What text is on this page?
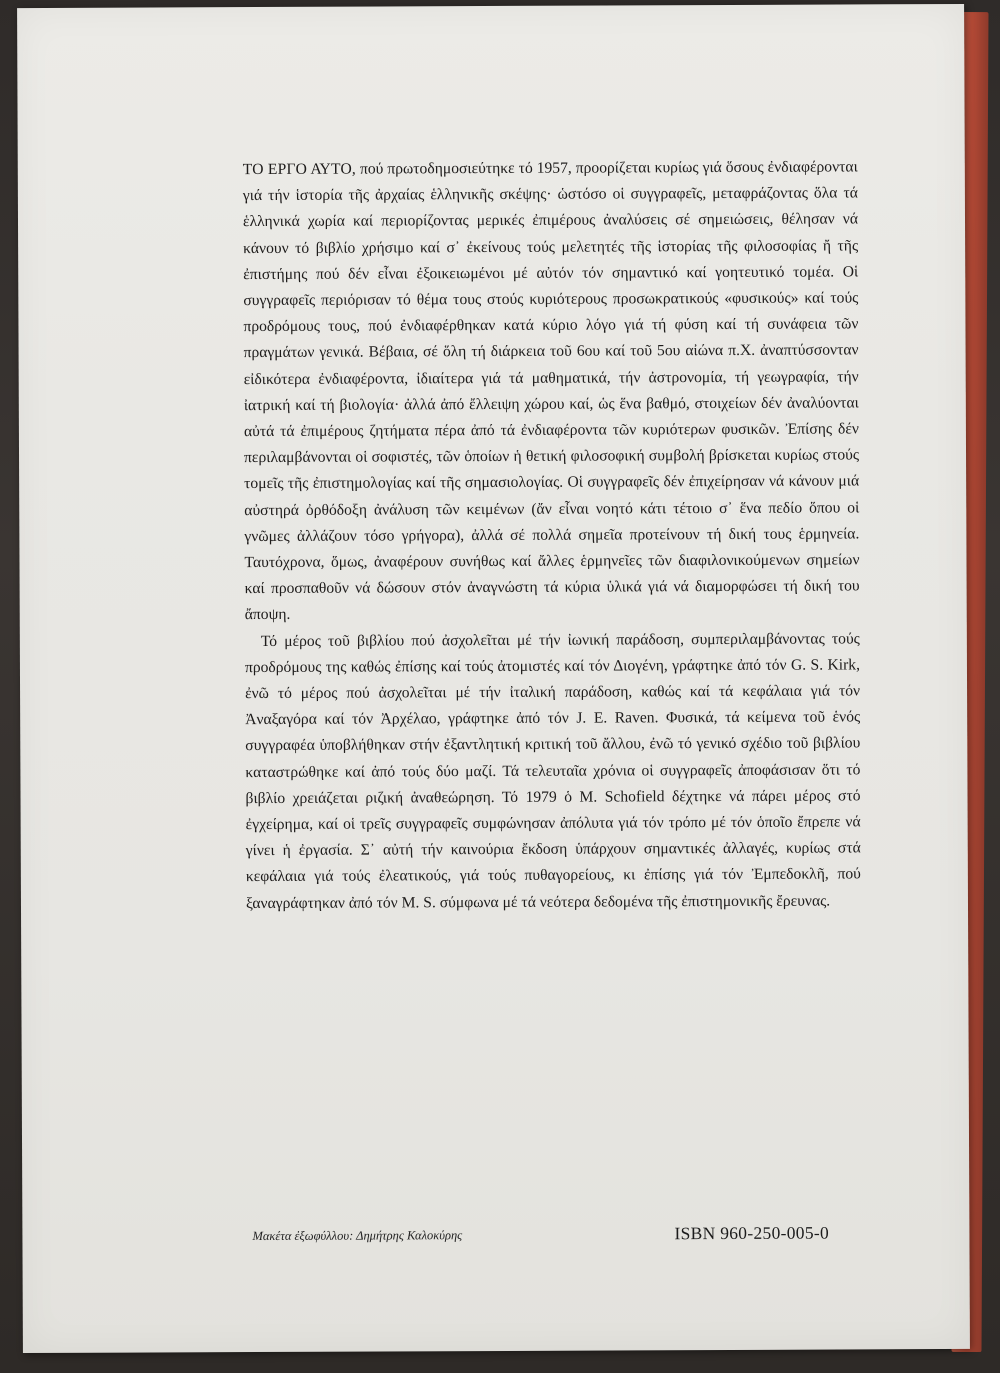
ΤΟ ΕΡΓΟ ΑΥΤΟ, πού πρωτοδημοσιεύτηκε τό 1957, προορίζεται κυρίως γιά ὅσους ἐνδιαφέρονται γιά τήν ἱστορία τῆς ἀρχαίας ἑλληνικῆς σκέψης· ὡστόσο οἱ συγγραφεῖς, μεταφράζοντας ὅλα τά ἑλληνικά χωρία καί περιορίζοντας μερικές ἐπιμέρους ἀναλύσεις σέ σημειώσεις, θέλησαν νά κάνουν τό βιβλίο χρήσιμο καί σ᾽ ἐκείνους τούς μελετητές τῆς ἱστορίας τῆς φιλοσοφίας ἤ τῆς ἐπιστήμης πού δέν εἶναι ἐξοικειωμένοι μέ αὐτόν τόν σημαντικό καί γοητευτικό τομέα. Οἱ συγγραφεῖς περιόρισαν τό θέμα τους στούς κυριότερους προσωκρατικούς «φυσικούς» καί τούς προδρόμους τους, πού ἐνδιαφέρθηκαν κατά κύριο λόγο γιά τή φύση καί τή συνάφεια τῶν πραγμάτων γενικά. Βέβαια, σέ ὅλη τή διάρκεια τοῦ 6ου καί τοῦ 5ου αἰώνα π.Χ. ἀναπτύσσονταν εἰδικότερα ἐνδιαφέροντα, ἰδιαίτερα γιά τά μαθηματικά, τήν ἀστρονομία, τή γεωγραφία, τήν ἰατρική καί τή βιολογία· ἀλλά ἀπό ἔλλειψη χώρου καί, ὡς ἕνα βαθμό, στοιχείων δέν ἀναλύονται αὐτά τά ἐπιμέρους ζητήματα πέρα ἀπό τά ἐνδιαφέροντα τῶν κυριότερων φυσικῶν. Ἐπίσης δέν περιλαμβάνονται οἱ σοφιστές, τῶν ὁποίων ἡ θετική φιλοσοφική συμβολή βρίσκεται κυρίως στούς τομεῖς τῆς ἐπιστημολογίας καί τῆς σημασιολογίας. Οἱ συγγραφεῖς δέν ἐπιχείρησαν νά κάνουν μιά αὐστηρά ὀρθόδοξη ἀνάλυση τῶν κειμένων (ἄν εἶναι νοητό κάτι τέτοιο σ᾽ ἕνα πεδίο ὅπου οἱ γνῶμες ἀλλάζουν τόσο γρήγορα), ἀλλά σέ πολλά σημεῖα προτείνουν τή δική τους ἑρμηνεία. Ταυτόχρονα, ὅμως, ἀναφέρουν συνήθως καί ἄλλες ἑρμηνεῖες τῶν διαφιλονικούμενων σημείων καί προσπαθοῦν νά δώσουν στόν ἀναγνώστη τά κύρια ὑλικά γιά νά διαμορφώσει τή δική του ἄποψη.

Τό μέρος τοῦ βιβλίου πού ἀσχολεῖται μέ τήν ἰωνική παράδοση, συμπεριλαμβάνοντας τούς προδρόμους της καθώς ἐπίσης καί τούς ἀτομιστές καί τόν Διογένη, γράφτηκε ἀπό τόν G. S. Kirk, ἐνῶ τό μέρος πού ἀσχολεῖται μέ τήν ἰταλική παράδοση, καθώς καί τά κεφάλαια γιά τόν Ἀναξαγόρα καί τόν Ἀρχέλαο, γράφτηκε ἀπό τόν J. E. Raven. Φυσικά, τά κείμενα τοῦ ἑνός συγγραφέα ὑποβλήθηκαν στήν ἐξαντλητική κριτική τοῦ ἄλλου, ἐνῶ τό γενικό σχέδιο τοῦ βιβλίου καταστρώθηκε καί ἀπό τούς δύο μαζί. Τά τελευταῖα χρόνια οἱ συγγραφεῖς ἀποφάσισαν ὅτι τό βιβλίο χρειάζεται ριζική ἀναθεώρηση. Τό 1979 ὁ M. Schofield δέχτηκε νά πάρει μέρος στό ἐγχείρημα, καί οἱ τρεῖς συγγραφεῖς συμφώνησαν ἀπόλυτα γιά τόν τρόπο μέ τόν ὁποῖο ἔπρεπε νά γίνει ἡ ἐργασία. Σ᾽ αὐτή τήν καινούρια ἔκδοση ὑπάρχουν σημαντικές ἀλλαγές, κυρίως στά κεφάλαια γιά τούς ἐλεατικούς, γιά τούς πυθαγορείους, κι ἐπίσης γιά τόν Ἐμπεδοκλῆ, πού ξαναγράφτηκαν ἀπό τόν M. S. σύμφωνα μέ τά νεότερα δεδομένα τῆς ἐπιστημονικῆς ἔρευνας.

Μακέτα ἐξωφύλλου: Δημήτρης Καλοκύρης	ISBN 960-250-005-0
